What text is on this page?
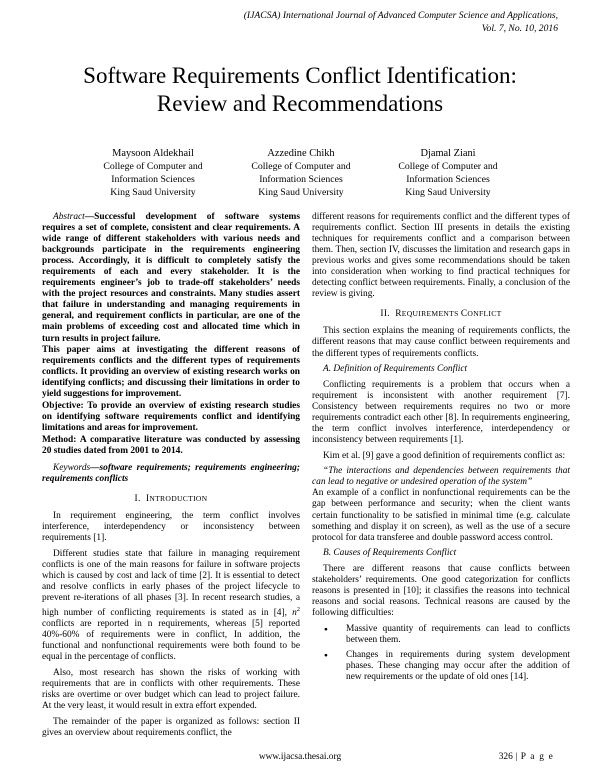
(IJACSA) International Journal of Advanced Computer Science and Applications,
Vol. 7, No. 10, 2016
Software Requirements Conflict Identification:
Review and Recommendations
Maysoon Aldekhail
College of Computer and
Information Sciences
King Saud University
Azzedine Chikh
College of Computer and
Information Sciences
King Saud University
Djamal Ziani
College of Computer and
Information Sciences
King Saud University

Abstract—Successful development of software systems requires a set of complete, consistent and clear requirements. A wide range of different stakeholders with various needs and backgrounds participate in the requirements engineering process. Accordingly, it is difficult to completely satisfy the requirements of each and every stakeholder. It is the requirements engineer’s job to trade-off stakeholders’ needs with the project resources and constraints. Many studies assert that failure in understanding and managing requirements in general, and requirement conflicts in particular, are one of the main problems of exceeding cost and allocated time which in turn results in project failure.

This paper aims at investigating the different reasons of requirements conflicts and the different types of requirements conflicts. It providing an overview of existing research works on identifying conflicts; and discussing their limitations in order to yield suggestions for improvement.

Objective: To provide an overview of existing research studies on identifying software requirements conflict and identifying limitations and areas for improvement.

Method: A comparative literature was conducted by assessing 20 studies dated from 2001 to 2014.

Keywords—software requirements; requirements engineering; requirements conflicts

I. INTRODUCTION

In requirement engineering, the term conflict involves interference, interdependency or inconsistency between requirements [1].

Different studies state that failure in managing requirement conflicts is one of the main reasons for failure in software projects which is caused by cost and lack of time [2]. It is essential to detect and resolve conflicts in early phases of the project lifecycle to prevent re-iterations of all phases [3]. In recent research studies, a high number of conflicting requirements is stated as in [4], $n^2$ conflicts are reported in n requirements, whereas [5] reported 40%-60% of requirements were in conflict, In addition, the functional and nonfunctional requirements were both found to be equal in the percentage of conflicts.

Also, most research has shown the risks of working with requirements that are in conflicts with other requirements. These risks are overtime or over budget which can lead to project failure. At the very least, it would result in extra effort expended.

The remainder of the paper is organized as follows: section II gives an overview about requirements conflict, the

different reasons for requirements conflict and the different types of requirements conflict. Section III presents in details the existing techniques for requirements conflict and a comparison between them. Then, section IV, discusses the limitation and research gaps in previous works and gives some recommendations should be taken into consideration when working to find practical techniques for detecting conflict between requirements. Finally, a conclusion of the review is giving.

II. REQUIREMENTS CONFLICT

This section explains the meaning of requirements conflicts, the different reasons that may cause conflict between requirements and the different types of requirements conflicts.

A. Definition of Requirements Conflict

Conflicting requirements is a problem that occurs when a requirement is inconsistent with another requirement [7]. Consistency between requirements requires no two or more requirements contradict each other [8]. In requirements engineering, the term conflict involves interference, interdependency or inconsistency between requirements [1].

Kim et al. [9] gave a good definition of requirements conflict as:

“The interactions and dependencies between requirements that can lead to negative or undesired operation of the system”

An example of a conflict in nonfunctional requirements can be the gap between performance and security; when the client wants certain functionality to be satisfied in minimal time (e.g. calculate something and display it on screen), as well as the use of a secure protocol for data transferee and double password access control.

B. Causes of Requirements Conflict

There are different reasons that cause conflicts between stakeholders’ requirements. One good categorization for conflicts reasons is presented in [10]; it classifies the reasons into technical reasons and social reasons. Technical reasons are caused by the following difficulties:

● Massive quantity of requirements can lead to conflicts between them.
● Changes in requirements during system development phases. These changing may occur after the addition of new requirements or the update of old ones [14].
www.ijacsa.thesai.org	326 | P a g e
